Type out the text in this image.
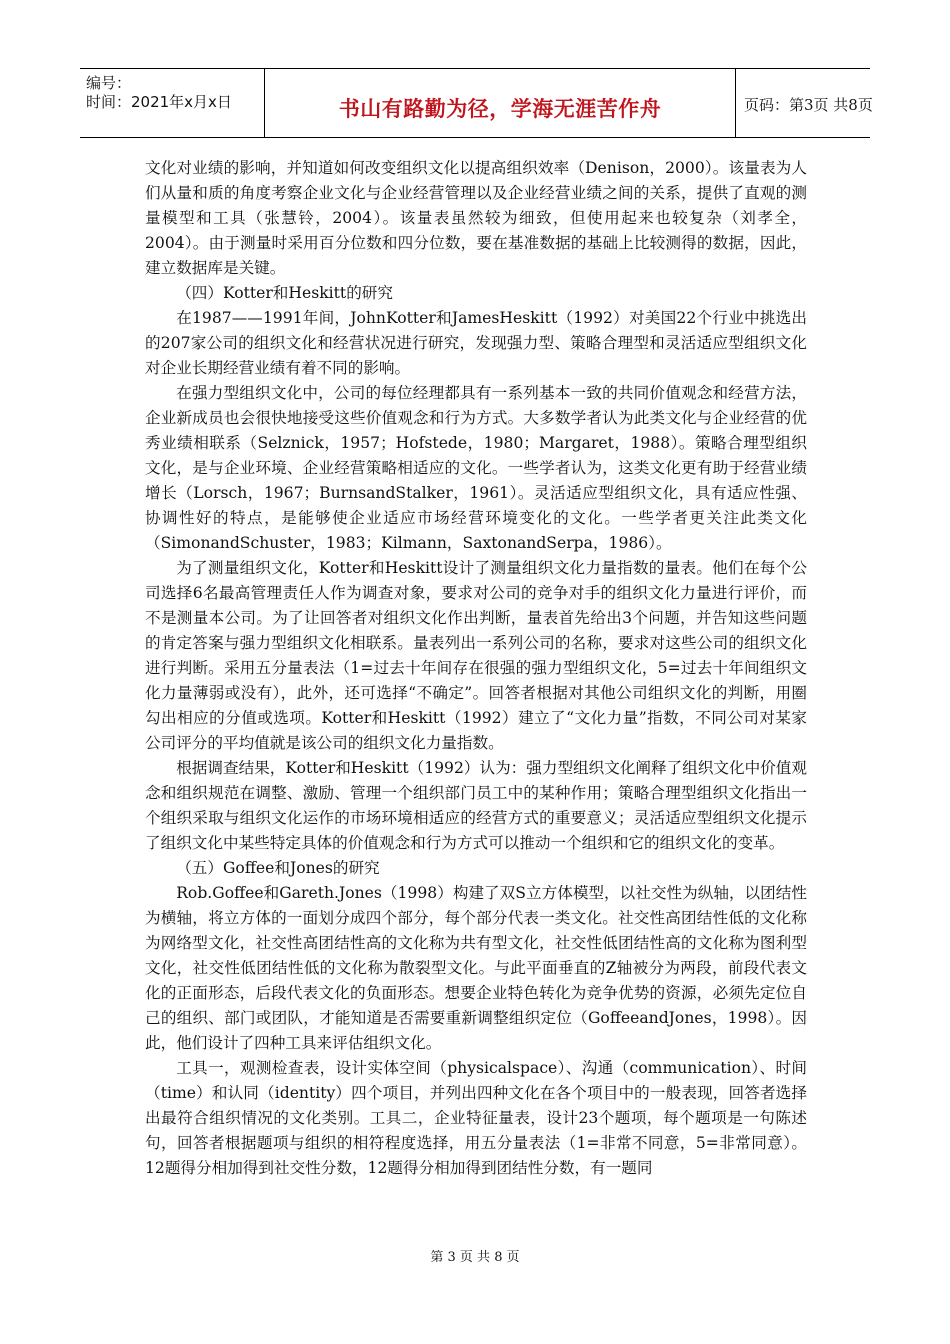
编号：
时间：2021年x月x日	书山有路勤为径，学海无涯苦作舟	页码：第3页 共8页

文化对业绩的影响，并知道如何改变组织文化以提高组织效率（Denison，2000）。该量表为人们从量和质的角度考察企业文化与企业经营管理以及企业经营业绩之间的关系，提供了直观的测量模型和工具（张慧铃，2004）。该量表虽然较为细致，但使用起来也较复杂（刘孝全，2004）。由于测量时采用百分位数和四分位数，要在基准数据的基础上比较测得的数据，因此，建立数据库是关键。

（四）Kotter和Heskitt的研究

在1987——1991年间，JohnKotter和JamesHeskitt（1992）对美国22个行业中挑选出的207家公司的组织文化和经营状况进行研究，发现强力型、策略合理型和灵活适应型组织文化对企业长期经营业绩有着不同的影响。

在强力型组织文化中，公司的每位经理都具有一系列基本一致的共同价值观念和经营方法，企业新成员也会很快地接受这些价值观念和行为方式。大多数学者认为此类文化与企业经营的优秀业绩相联系（Selznick，1957；Hofstede，1980；Margaret，1988）。策略合理型组织文化，是与企业环境、企业经营策略相适应的文化。一些学者认为，这类文化更有助于经营业绩增长（Lorsch，1967；BurnsandStalker，1961）。灵活适应型组织文化，具有适应性强、协调性好的特点，是能够使企业适应市场经营环境变化的文化。一些学者更关注此类文化（SimonandSchuster，1983；Kilmann，SaxtonandSerpa，1986）。

为了测量组织文化，Kotter和Heskitt设计了测量组织文化力量指数的量表。他们在每个公司选择6名最高管理责任人作为调查对象，要求对公司的竞争对手的组织文化力量进行评价，而不是测量本公司。为了让回答者对组织文化作出判断，量表首先给出3个问题，并告知这些问题的肯定答案与强力型组织文化相联系。量表列出一系列公司的名称，要求对这些公司的组织文化进行判断。采用五分量表法（1=过去十年间存在很强的强力型组织文化，5=过去十年间组织文化力量薄弱或没有），此外，还可选择“不确定”。回答者根据对其他公司组织文化的判断，用圈勾出相应的分值或选项。Kotter和Heskitt（1992）建立了“文化力量”指数，不同公司对某家公司评分的平均值就是该公司的组织文化力量指数。

根据调查结果，Kotter和Heskitt（1992）认为：强力型组织文化阐释了组织文化中价值观念和组织规范在调整、激励、管理一个组织部门员工中的某种作用；策略合理型组织文化指出一个组织采取与组织文化运作的市场环境相适应的经营方式的重要意义；灵活适应型组织文化提示了组织文化中某些特定具体的价值观念和行为方式可以推动一个组织和它的组织文化的变革。

（五）Goffee和Jones的研究

Rob.Goffee和Gareth.Jones（1998）构建了双S立方体模型，以社交性为纵轴，以团结性为横轴，将立方体的一面划分成四个部分，每个部分代表一类文化。社交性高团结性低的文化称为网络型文化，社交性高团结性高的文化称为共有型文化，社交性低团结性高的文化称为图利型文化，社交性低团结性低的文化称为散裂型文化。与此平面垂直的Z轴被分为两段，前段代表文化的正面形态，后段代表文化的负面形态。想要企业特色转化为竞争优势的资源，必须先定位自己的组织、部门或团队，才能知道是否需要重新调整组织定位（GoffeeandJones，1998）。因此，他们设计了四种工具来评估组织文化。

工具一，观测检查表，设计实体空间（physicalspace）、沟通（communication）、时间（time）和认同（identity）四个项目，并列出四种文化在各个项目中的一般表现，回答者选择出最符合组织情况的文化类别。工具二，企业特征量表，设计23个题项，每个题项是一句陈述句，回答者根据题项与组织的相符程度选择，用五分量表法（1=非常不同意，5=非常同意）。12题得分相加得到社交性分数，12题得分相加得到团结性分数，有一题同

第 3 页 共 8 页
